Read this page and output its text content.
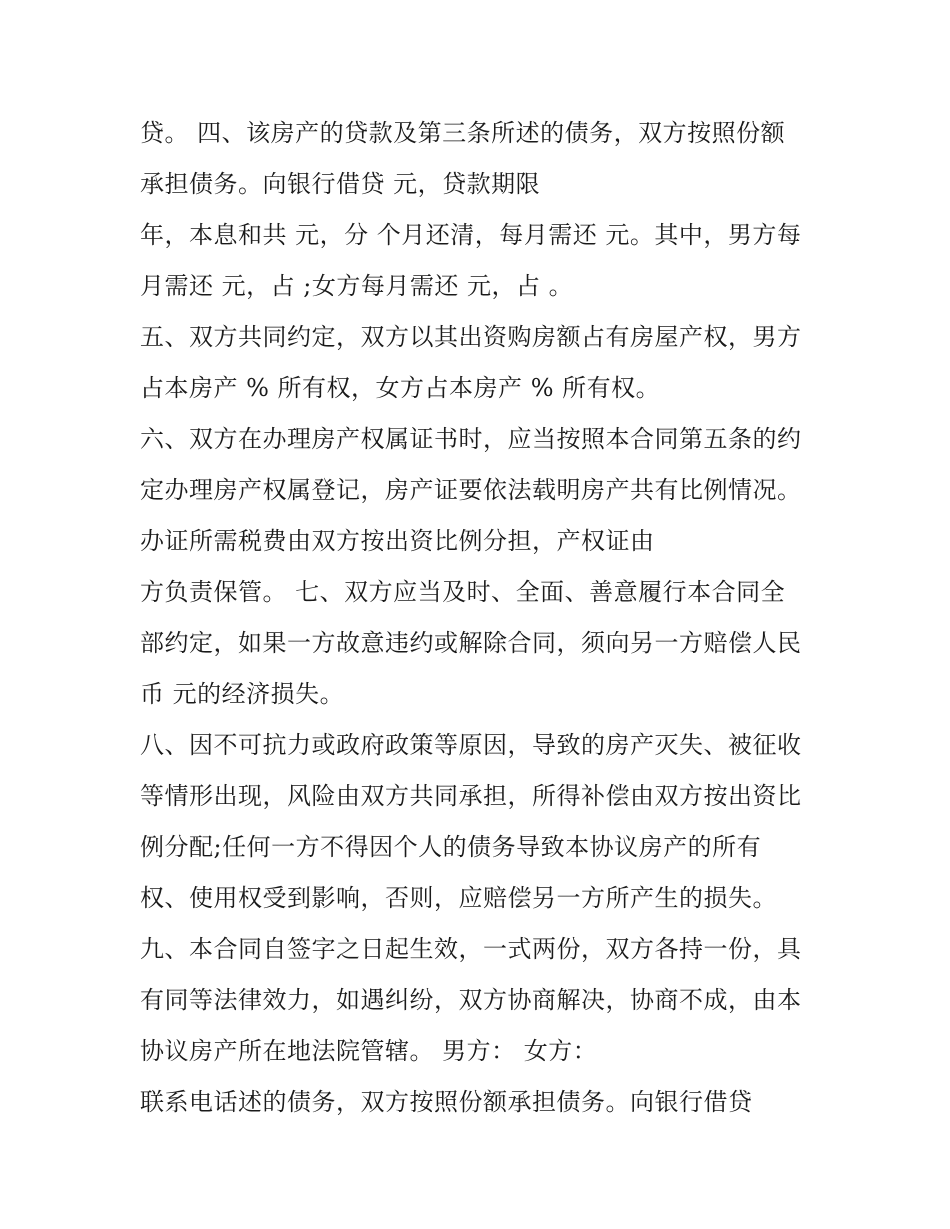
贷。 四、该房产的贷款及第三条所述的债务，双方按照份额
承担债务。向银行借贷 元，贷款期限
年，本息和共 元，分 个月还清，每月需还 元。其中，男方每
月需还 元，占 ;女方每月需还 元，占 。
五、双方共同约定，双方以其出资购房额占有房屋产权，男方
占本房产 % 所有权，女方占本房产 % 所有权。
六、双方在办理房产权属证书时，应当按照本合同第五条的约
定办理房产权属登记，房产证要依法载明房产共有比例情况。
办证所需税费由双方按出资比例分担，产权证由
方负责保管。 七、双方应当及时、全面、善意履行本合同全
部约定，如果一方故意违约或解除合同，须向另一方赔偿人民
币 元的经济损失。
八、因不可抗力或政府政策等原因，导致的房产灭失、被征收
等情形出现，风险由双方共同承担，所得补偿由双方按出资比
例分配;任何一方不得因个人的债务导致本协议房产的所有
权、使用权受到影响，否则，应赔偿另一方所产生的损失。
九、本合同自签字之日起生效，一式两份，双方各持一份，具
有同等法律效力，如遇纠纷，双方协商解决，协商不成，由本
协议房产所在地法院管辖。 男方： 女方：
联系电话述的债务，双方按照份额承担债务。向银行借贷
